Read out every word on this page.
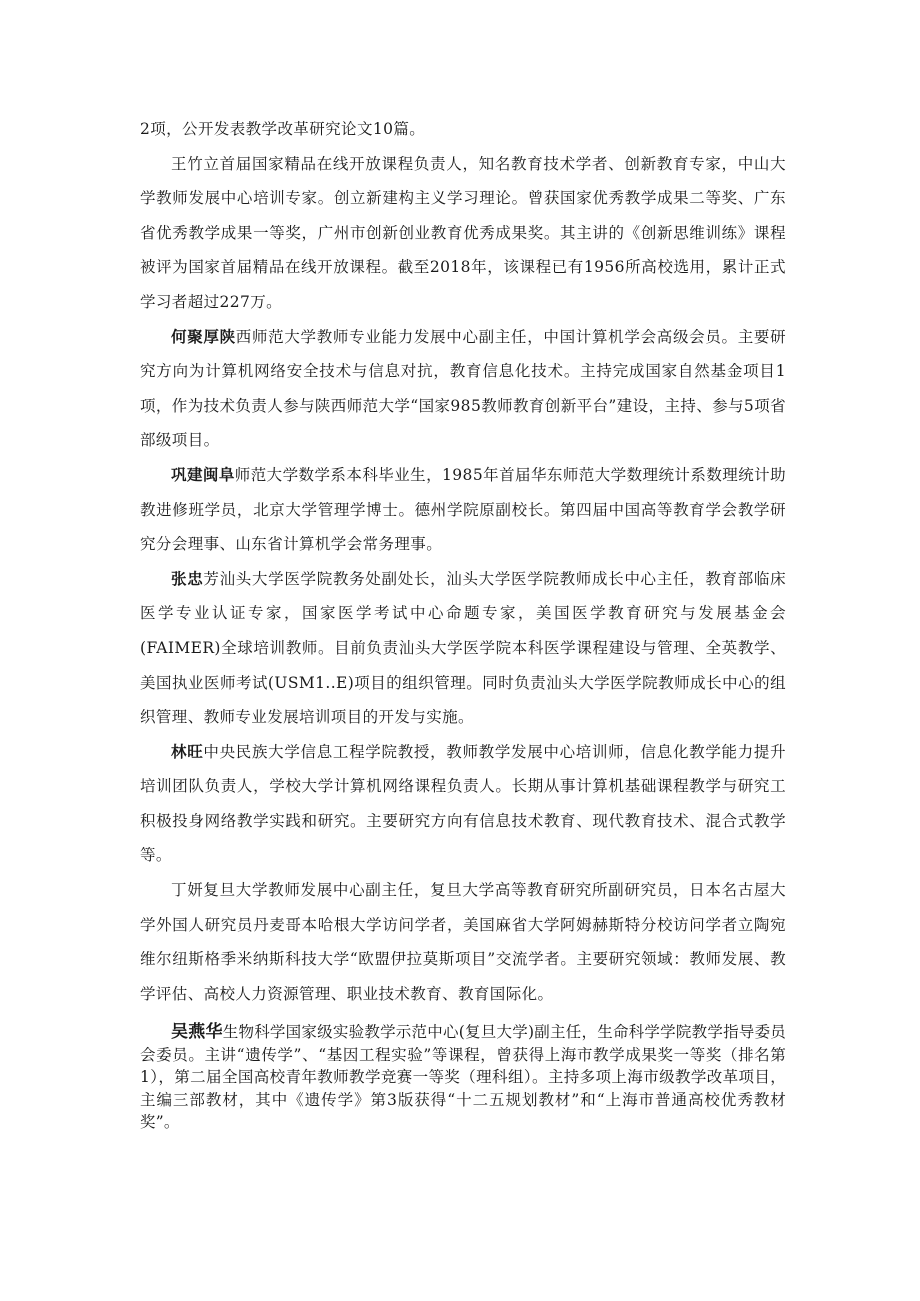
2项，公开发表教学改革研究论文10篇。

王竹立首届国家精品在线开放课程负责人，知名教育技术学者、创新教育专家，中山大学教师发展中心培训专家。创立新建构主义学习理论。曾获国家优秀教学成果二等奖、广东省优秀教学成果一等奖，广州市创新创业教育优秀成果奖。其主讲的《创新思维训练》课程被评为国家首届精品在线开放课程。截至2018年，该课程已有1956所高校选用，累计正式学习者超过227万。

何聚厚陕西师范大学教师专业能力发展中心副主任，中国计算机学会高级会员。主要研究方向为计算机网络安全技术与信息对抗，教育信息化技术。主持完成国家自然基金项目1项，作为技术负责人参与陕西师范大学“国家985教师教育创新平台”建设，主持、参与5项省部级项目。

巩建闽阜师范大学数学系本科毕业生，1985年首届华东师范大学数理统计系数理统计助教进修班学员，北京大学管理学博士。德州学院原副校长。第四届中国高等教育学会教学研究分会理事、山东省计算机学会常务理事。

张忠芳汕头大学医学院教务处副处长，汕头大学医学院教师成长中心主任，教育部临床医学专业认证专家，国家医学考试中心命题专家，美国医学教育研究与发展基金会(FAIMER)全球培训教师。目前负责汕头大学医学院本科医学课程建设与管理、全英教学、美国执业医师考试(USM1..E)项目的组织管理。同时负责汕头大学医学院教师成长中心的组织管理、教师专业发展培训项目的开发与实施。

林旺中央民族大学信息工程学院教授，教师教学发展中心培训师，信息化教学能力提升培训团队负责人，学校大学计算机网络课程负责人。长期从事计算机基础课程教学与研究工积极投身网络教学实践和研究。主要研究方向有信息技术教育、现代教育技术、混合式教学等。

丁妍复旦大学教师发展中心副主任，复旦大学高等教育研究所副研究员，日本名古屋大学外国人研究员丹麦哥本哈根大学访问学者，美国麻省大学阿姆赫斯特分校访问学者立陶宛维尔纽斯格季米纳斯科技大学“欧盟伊拉莫斯项目”交流学者。主要研究领域：教师发展、教学评估、高校人力资源管理、职业技术教育、教育国际化。

吴燕华生物科学国家级实验教学示范中心(复旦大学)副主任，生命科学学院教学指导委员会委员。主讲“遗传学”、“基因工程实验”等课程，曾获得上海市教学成果奖一等奖（排名第1），第二届全国高校青年教师教学竞赛一等奖（理科组）。主持多项上海市级教学改革项目，主编三部教材，其中《遗传学》第3版获得“十二五规划教材”和“上海市普通高校优秀教材奖”。
